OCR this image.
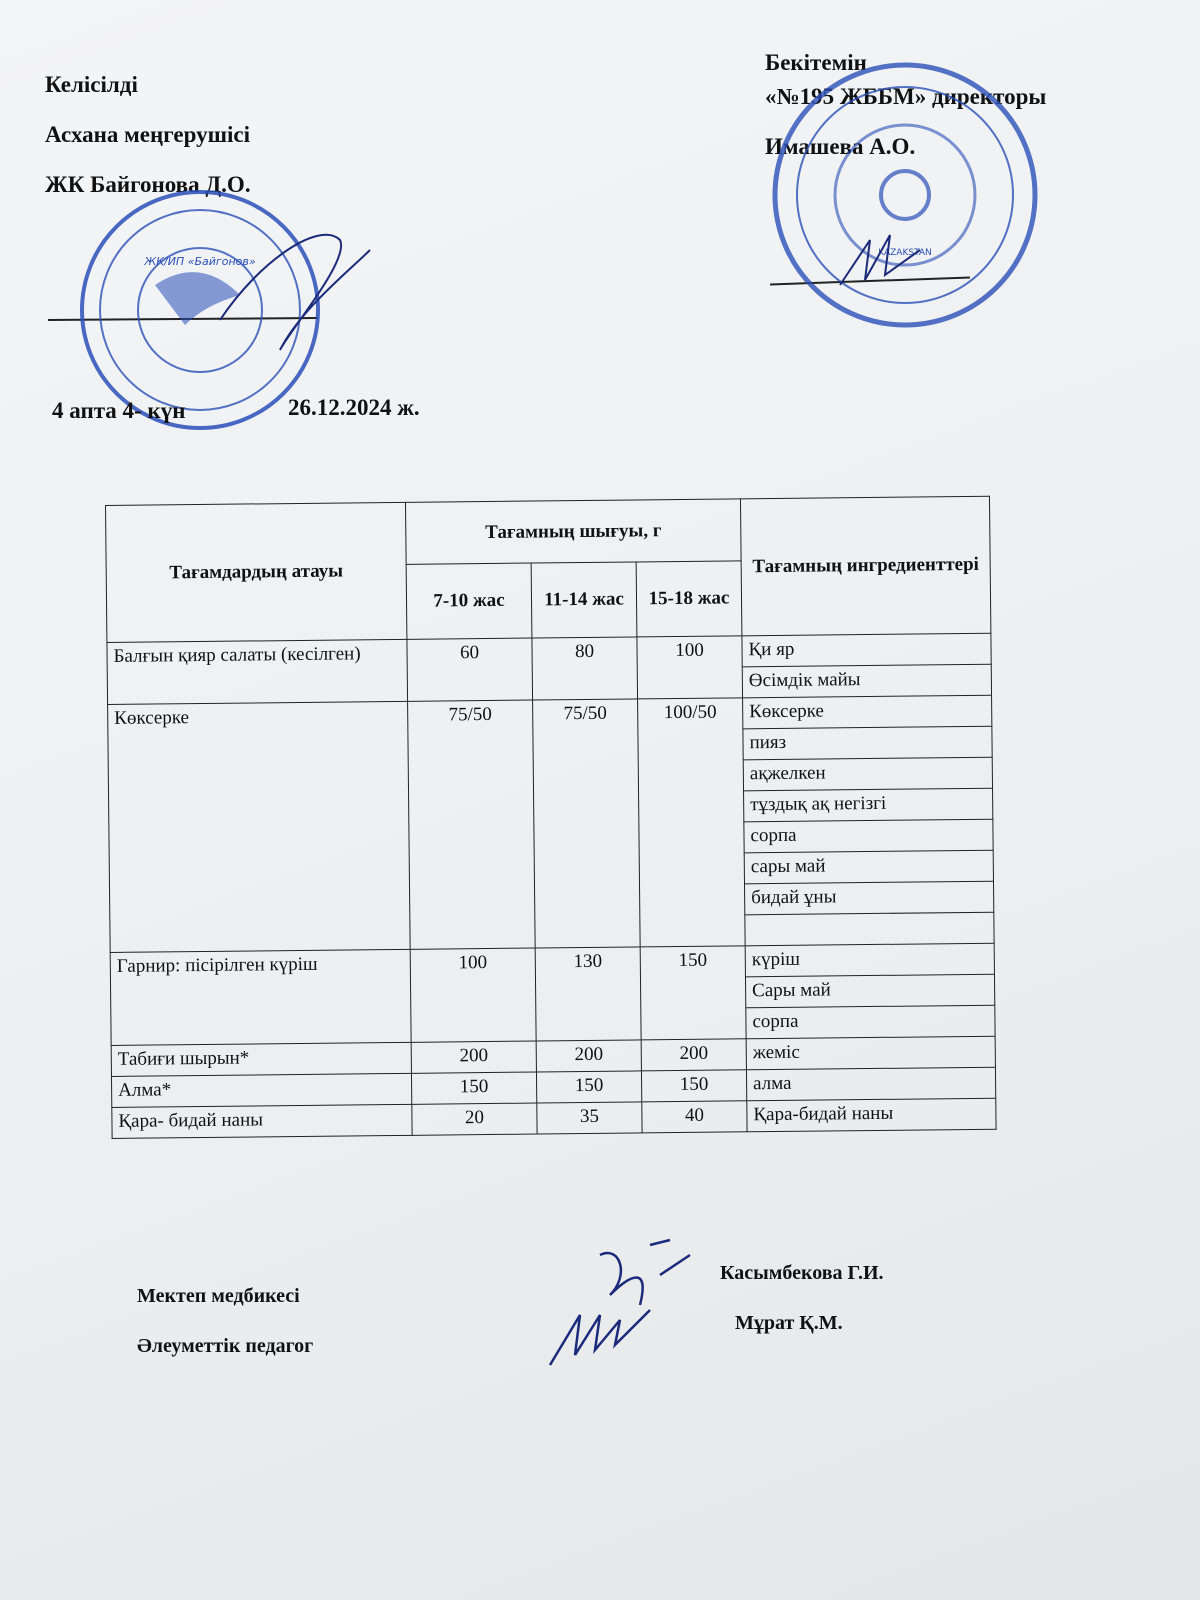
Келісілді
Асхана меңгерушісі
ЖК Байгонова Д.О.
ЖК/ИП «Байгонов»
Бекітемін
«№195 ЖББМ» директоры
Имашева А.О.
KAZAKSTAN
4 апта 4- күн	26.12.2024 ж.
Тағамдардың атауы	Тағамның шығуы, г			Тағамның ингредиенттері
	7-10 жас	11-14 жас	15-18 жас	
Балғын қияр салаты (кесілген)	60	80	100	Қи яр
				Өсімдік майы
Көксерке	75/50	75/50	100/50	Көксерке
				пияз
				ақжелкен
				тұздық ақ негізгі
				сорпа
				сары май
				бидай ұны

Гарнир: пісірілген күріш	100	130	150	күріш
				Сары май
				сорпа
Табиғи шырын*	200	200	200	жеміс
Алма*	150	150	150	алма
Қара- бидай наны	20	35	40	Қара-бидай наны
Мектеп медбикесі
Касымбекова Г.И.
Әлеуметтік педагог
Мұрат Қ.М.
